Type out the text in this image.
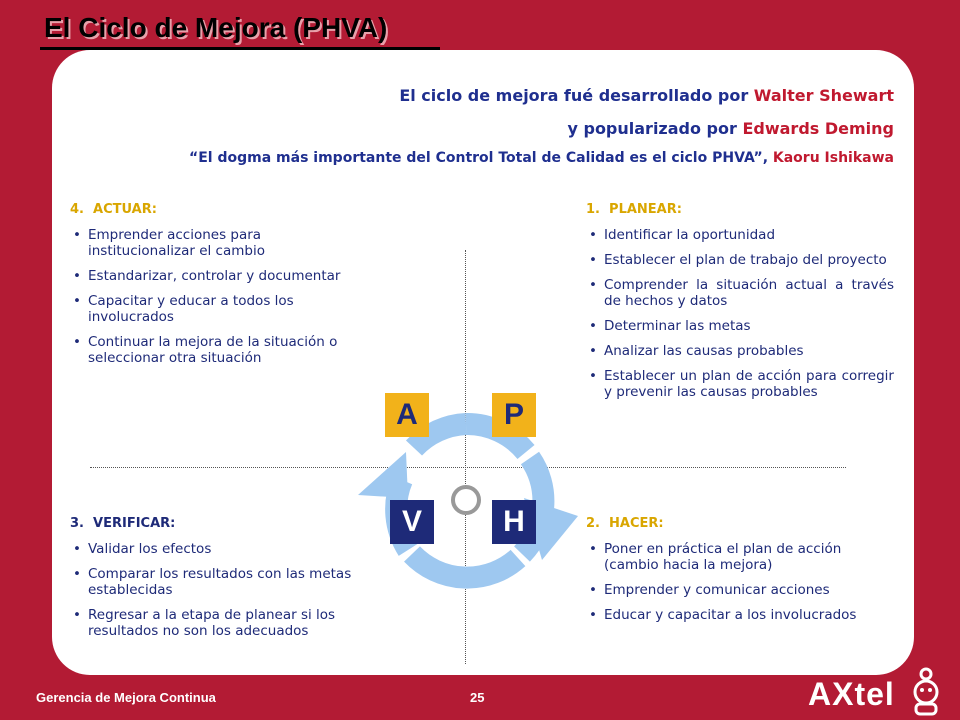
El Ciclo de Mejora (PHVA)
El ciclo de mejora fué desarrollado por Walter Shewart
y popularizado por Edwards Deming
“El dogma más importante del Control Total de Calidad es el ciclo PHVA”, Kaoru Ishikawa
A	P
V	H
4. ACTUAR:
• Emprender acciones para institucionalizar el cambio
• Estandarizar, controlar y documentar
• Capacitar y educar a todos los involucrados
• Continuar la mejora de la situación o seleccionar otra situación
1. PLANEAR:
• Identificar la oportunidad
• Establecer el plan de trabajo del proyecto
• Comprender la situación actual a través de hechos y datos
• Determinar las metas
• Analizar las causas probables
• Establecer un plan de acción para corregir y prevenir las causas probables
3. VERIFICAR:
• Validar los efectos
• Comparar los resultados con las metas establecidas
• Regresar a la etapa de planear si los resultados no son los adecuados
2. HACER:
• Poner en práctica el plan de acción (cambio hacia la mejora)
• Emprender y comunicar acciones
• Educar y capacitar a los involucrados
Gerencia de Mejora Continua	25	AXtel
